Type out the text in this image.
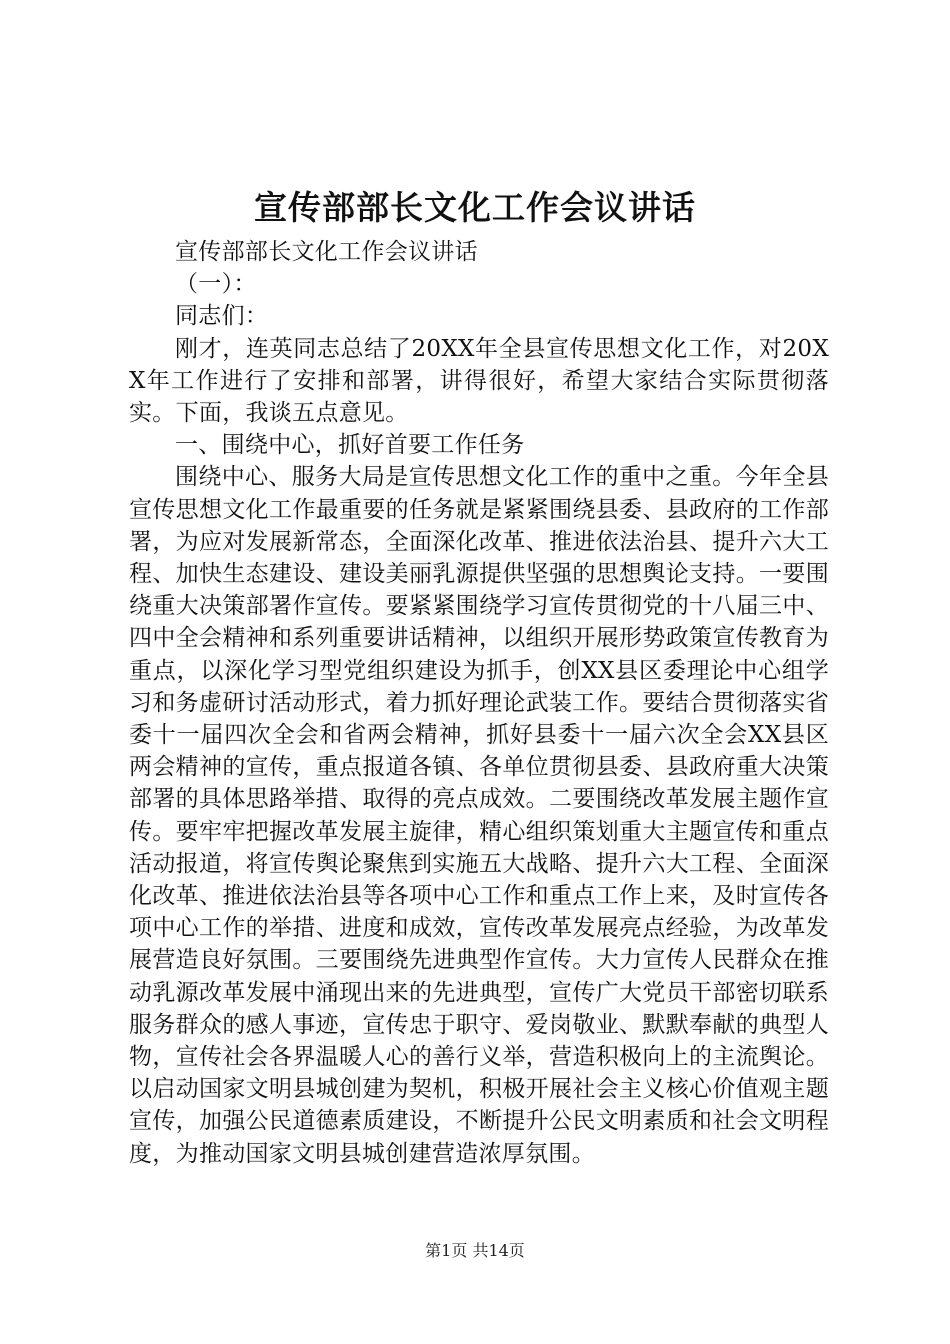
宣传部部长文化工作会议讲话

宣传部部长文化工作会议讲话

（一）：

同志们：

刚才，连英同志总结了20XX年全县宣传思想文化工作，对20XX年工作进行了安排和部署，讲得很好，希望大家结合实际贯彻落实。下面，我谈五点意见。

一、围绕中心，抓好首要工作任务

围绕中心、服务大局是宣传思想文化工作的重中之重。今年全县宣传思想文化工作最重要的任务就是紧紧围绕县委、县政府的工作部署，为应对发展新常态，全面深化改革、推进依法治县、提升六大工程、加快生态建设、建设美丽乳源提供坚强的思想舆论支持。一要围绕重大决策部署作宣传。要紧紧围绕学习宣传贯彻党的十八届三中、四中全会精神和系列重要讲话精神，以组织开展形势政策宣传教育为重点，以深化学习型党组织建设为抓手，创XX县区委理论中心组学习和务虚研讨活动形式，着力抓好理论武装工作。要结合贯彻落实省委十一届四次全会和省两会精神，抓好县委十一届六次全会XX县区两会精神的宣传，重点报道各镇、各单位贯彻县委、县政府重大决策部署的具体思路举措、取得的亮点成效。二要围绕改革发展主题作宣传。要牢牢把握改革发展主旋律，精心组织策划重大主题宣传和重点活动报道，将宣传舆论聚焦到实施五大战略、提升六大工程、全面深化改革、推进依法治县等各项中心工作和重点工作上来，及时宣传各项中心工作的举措、进度和成效，宣传改革发展亮点经验，为改革发展营造良好氛围。三要围绕先进典型作宣传。大力宣传人民群众在推动乳源改革发展中涌现出来的先进典型，宣传广大党员干部密切联系服务群众的感人事迹，宣传忠于职守、爱岗敬业、默默奉献的典型人物，宣传社会各界温暖人心的善行义举，营造积极向上的主流舆论。以启动国家文明县城创建为契机，积极开展社会主义核心价值观主题宣传，加强公民道德素质建设，不断提升公民文明素质和社会文明程度，为推动国家文明县城创建营造浓厚氛围。

第1页 共14页
